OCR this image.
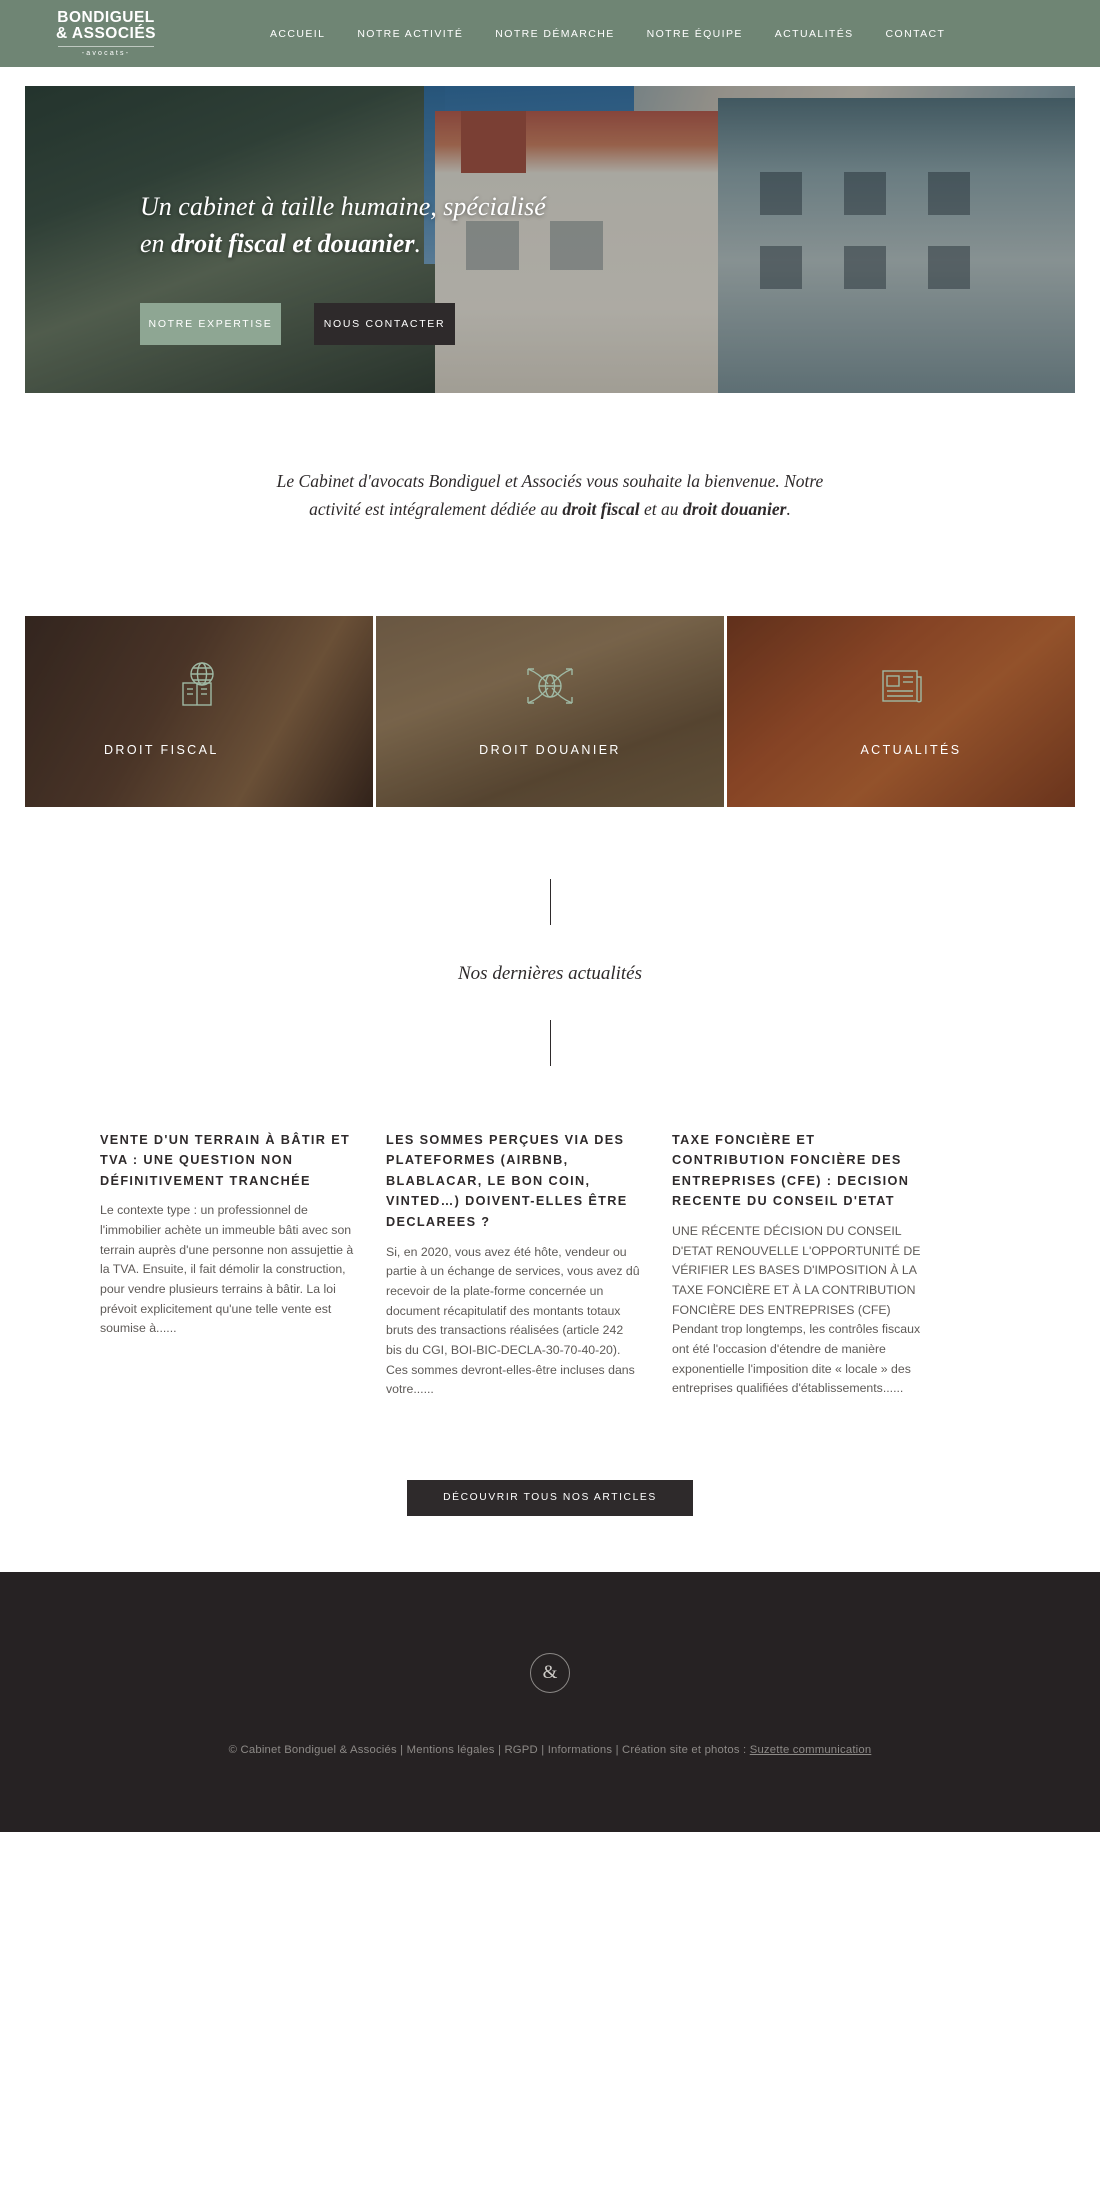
BONDIGUEL
& ASSOCIÉS
-avocats-
ACCUEIL	NOTRE ACTIVITÉ	NOTRE DÉMARCHE	NOTRE ÉQUIPE	ACTUALITÉS	CONTACT
Un cabinet à taille humaine, spécialisé en droit fiscal et douanier.
NOTRE EXPERTISE	NOUS CONTACTER

Le Cabinet d'avocats Bondiguel et Associés vous souhaite la bienvenue. Notre activité est intégralement dédiée au droit fiscal et au droit douanier.

DROIT FISCAL	DROIT DOUANIER	ACTUALITÉS
Nos dernières actualités
VENTE D'UN TERRAIN À BÂTIR ET TVA : UNE QUESTION NON DÉFINITIVEMENT TRANCHÉE

Le contexte type : un professionnel de l'immobilier achète un immeuble bâti avec son terrain auprès d'une personne non assujettie à la TVA. Ensuite, il fait démolir la construction, pour vendre plusieurs terrains à bâtir. La loi prévoit explicitement qu'une telle vente est soumise à......

LES SOMMES PERÇUES VIA DES PLATEFORMES (AIRBNB, BLABLACAR, LE BON COIN, VINTED…) DOIVENT-ELLES ÊTRE DECLAREES ?

Si, en 2020, vous avez été hôte, vendeur ou partie à un échange de services, vous avez dû recevoir de la plate-forme concernée un document récapitulatif des montants totaux bruts des transactions réalisées (article 242 bis du CGI, BOI-BIC-DECLA-30-70-40-20). Ces sommes devront-elles-être incluses dans votre......

TAXE FONCIÈRE ET CONTRIBUTION FONCIÈRE DES ENTREPRISES (CFE) : DECISION RECENTE DU CONSEIL D'ETAT

UNE RÉCENTE DÉCISION DU CONSEIL D'ETAT RENOUVELLE L'OPPORTUNITÉ DE VÉRIFIER LES BASES D'IMPOSITION À LA TAXE FONCIÈRE ET À LA CONTRIBUTION FONCIÈRE DES ENTREPRISES (CFE) Pendant trop longtemps, les contrôles fiscaux ont été l'occasion d'étendre de manière exponentielle l'imposition dite « locale » des entreprises qualifiées d'établissements......

DÉCOUVRIR TOUS NOS ARTICLES
&
© Cabinet Bondiguel & Associés | Mentions légales | RGPD | Informations | Création site et photos : Suzette communication
